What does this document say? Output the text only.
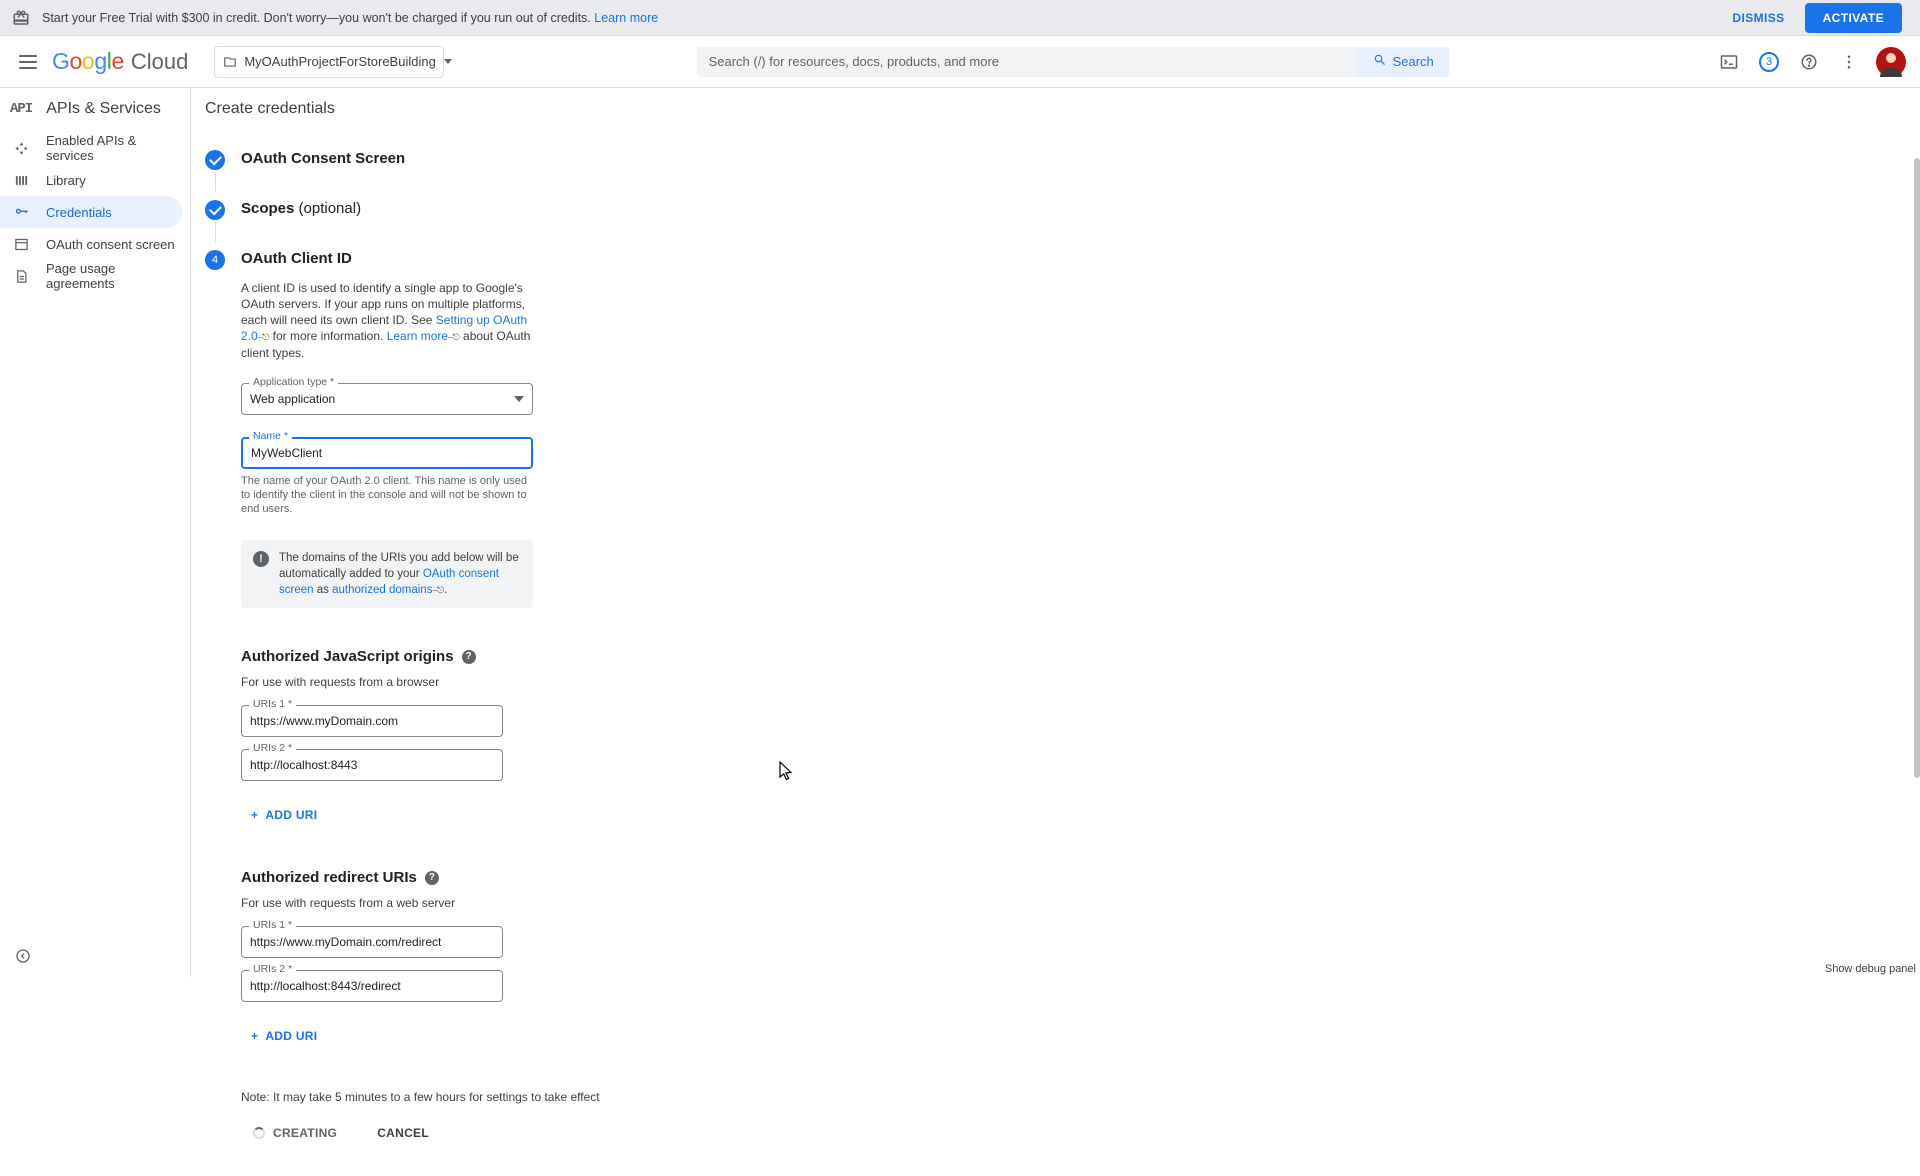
Start your Free Trial with $300 in credit. Don't worry—you won't be charged if you run out of credits. Learn more	DISMISS	ACTIVATE
Google Cloud	MyOAuthProjectForStoreBuilding	Search (/) for resources, docs, products, and more	Search	3
API APIs & Services
Enabled APIs & services
Library
Credentials
OAuth consent screen
Page usage agreements
Create credentials
OAuth Consent Screen
Scopes (optional)
4	OAuth Client ID
A client ID is used to identify a single app to Google's OAuth servers. If your app runs on multiple platforms, each will need its own client ID. See Setting up OAuth 2.0⎯⎋ for more information. Learn more⎯⎋ about OAuth client types.
Application type *
Web application
Name *
MyWebClient
The name of your OAuth 2.0 client. This name is only used to identify the client in the console and will not be shown to end users.
!	The domains of the URIs you add below will be automatically added to your OAuth consent screen as authorized domains⎯⎋.
Authorized JavaScript origins	?
For use with requests from a browser
URIs 1 *
https://www.myDomain.com
URIs 2 *
http://localhost:8443
+ ADD URI
Authorized redirect URIs	?
For use with requests from a web server
URIs 1 *
https://www.myDomain.com/redirect
URIs 2 *
http://localhost:8443/redirect
+ ADD URI
Note: It may take 5 minutes to a few hours for settings to take effect
CREATING	CANCEL
Show debug panel
